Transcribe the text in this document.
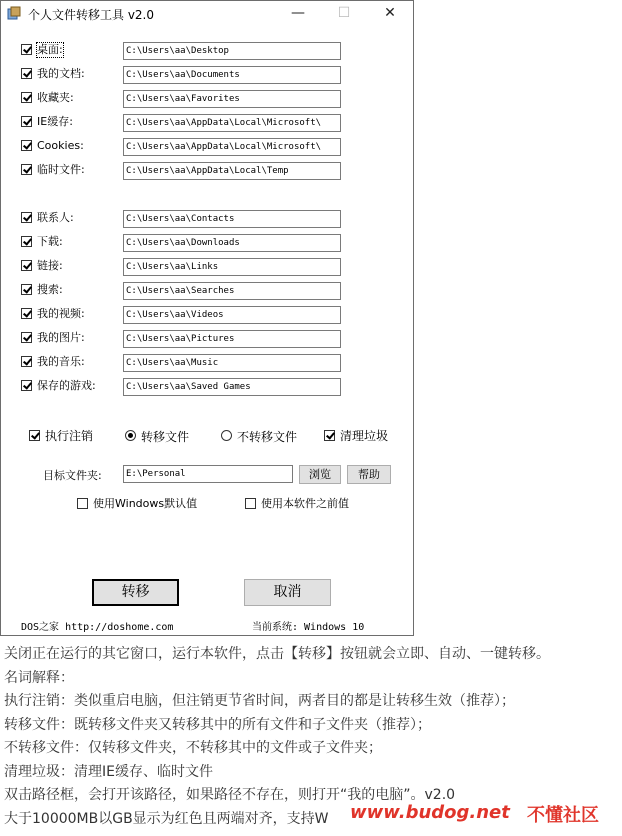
个人文件转移工具 v2.0	—	☐	✕
桌面:	C:\Users\aa\Desktop
我的文档:	C:\Users\aa\Documents
收藏夹:	C:\Users\aa\Favorites
IE缓存:	C:\Users\aa\AppData\Local\Microsoft\
Cookies:	C:\Users\aa\AppData\Local\Microsoft\
临时文件:	C:\Users\aa\AppData\Local\Temp
联系人:	C:\Users\aa\Contacts
下载:	C:\Users\aa\Downloads
链接:	C:\Users\aa\Links
搜索:	C:\Users\aa\Searches
我的视频:	C:\Users\aa\Videos
我的图片:	C:\Users\aa\Pictures
我的音乐:	C:\Users\aa\Music
保存的游戏:	C:\Users\aa\Saved Games
执行注销	转移文件	不转移文件	清理垃圾
目标文件夹:	E:\Personal	浏览	帮助
使用Windows默认值	使用本软件之前值
转移	取消
DOS之家 http://doshome.com	当前系统: Windows 10
关闭正在运行的其它窗口，运行本软件，点击【转移】按钮就会立即、自动、一键转移。
名词解释：
执行注销：类似重启电脑，但注销更节省时间，两者目的都是让转移生效（推荐）；
转移文件：既转移文件夹又转移其中的所有文件和子文件夹（推荐）；
不转移文件：仅转移文件夹，不转移其中的文件或子文件夹；
清理垃圾：清理IE缓存、临时文件
双击路径框，会打开该路径，如果路径不存在，则打开“我的电脑”。v2.0
大于10000MB以GB显示为红色且两端对齐，支持W www.budog.net 不懂社区
